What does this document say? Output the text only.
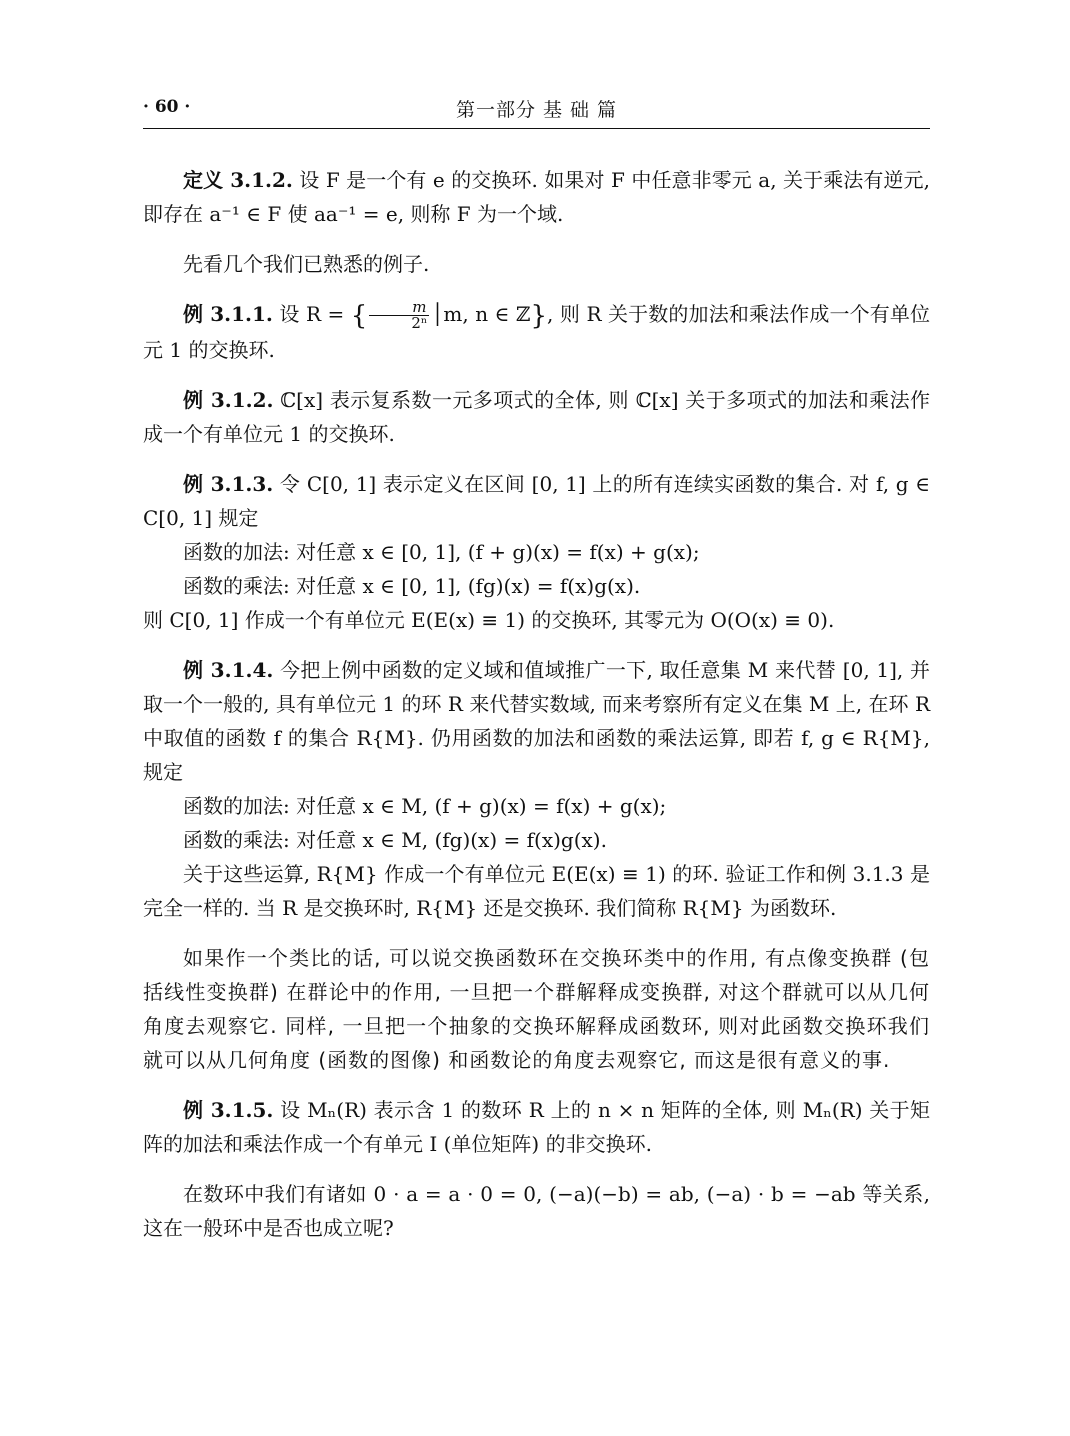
· 60 ·	第一部分 基 础 篇

定义 3.1.2. 设 F 是一个有 e 的交换环. 如果对 F 中任意非零元 a, 关于乘法有逆元, 即存在 a⁻¹ ∈ F 使 aa⁻¹ = e, 则称 F 为一个域.

先看几个我们已熟悉的例子.

例 3.1.1. 设 R = { $\frac{m}{\text{2ⁿ}}$ │m, n ∈ ℤ}, 则 R 关于数的加法和乘法作成一个有单位元 1 的交换环.

例 3.1.2. ℂ[x] 表示复系数一元多项式的全体, 则 ℂ[x] 关于多项式的加法和乘法作成一个有单位元 1 的交换环.

例 3.1.3. 令 C[0, 1] 表示定义在区间 [0, 1] 上的所有连续实函数的集合. 对 f, g ∈ C[0, 1] 规定

函数的加法: 对任意 x ∈ [0, 1], (f + g)(x) = f(x) + g(x);

函数的乘法: 对任意 x ∈ [0, 1], (fg)(x) = f(x)g(x).

则 C[0, 1] 作成一个有单位元 E(E(x) ≡ 1) 的交换环, 其零元为 O(O(x) ≡ 0).

例 3.1.4. 今把上例中函数的定义域和值域推广一下, 取任意集 M 来代替 [0, 1], 并取一个一般的, 具有单位元 1 的环 R 来代替实数域, 而来考察所有定义在集 M 上, 在环 R 中取值的函数 f 的集合 R{M}. 仍用函数的加法和函数的乘法运算, 即若 f, g ∈ R{M}, 规定

函数的加法: 对任意 x ∈ M, (f + g)(x) = f(x) + g(x);

函数的乘法: 对任意 x ∈ M, (fg)(x) = f(x)g(x).

关于这些运算, R{M} 作成一个有单位元 E(E(x) ≡ 1) 的环. 验证工作和例 3.1.3 是完全一样的. 当 R 是交换环时, R{M} 还是交换环. 我们简称 R{M} 为函数环.

如果作一个类比的话, 可以说交换函数环在交换环类中的作用, 有点像变换群 (包括线性变换群) 在群论中的作用, 一旦把一个群解释成变换群, 对这个群就可以从几何角度去观察它. 同样, 一旦把一个抽象的交换环解释成函数环, 则对此函数交换环我们就可以从几何角度 (函数的图像) 和函数论的角度去观察它, 而这是很有意义的事.

例 3.1.5. 设 Mₙ(R) 表示含 1 的数环 R 上的 n × n 矩阵的全体, 则 Mₙ(R) 关于矩阵的加法和乘法作成一个有单元 I (单位矩阵) 的非交换环.

在数环中我们有诸如 0 · a = a · 0 = 0, (−a)(−b) = ab, (−a) · b = −ab 等关系, 这在一般环中是否也成立呢?
